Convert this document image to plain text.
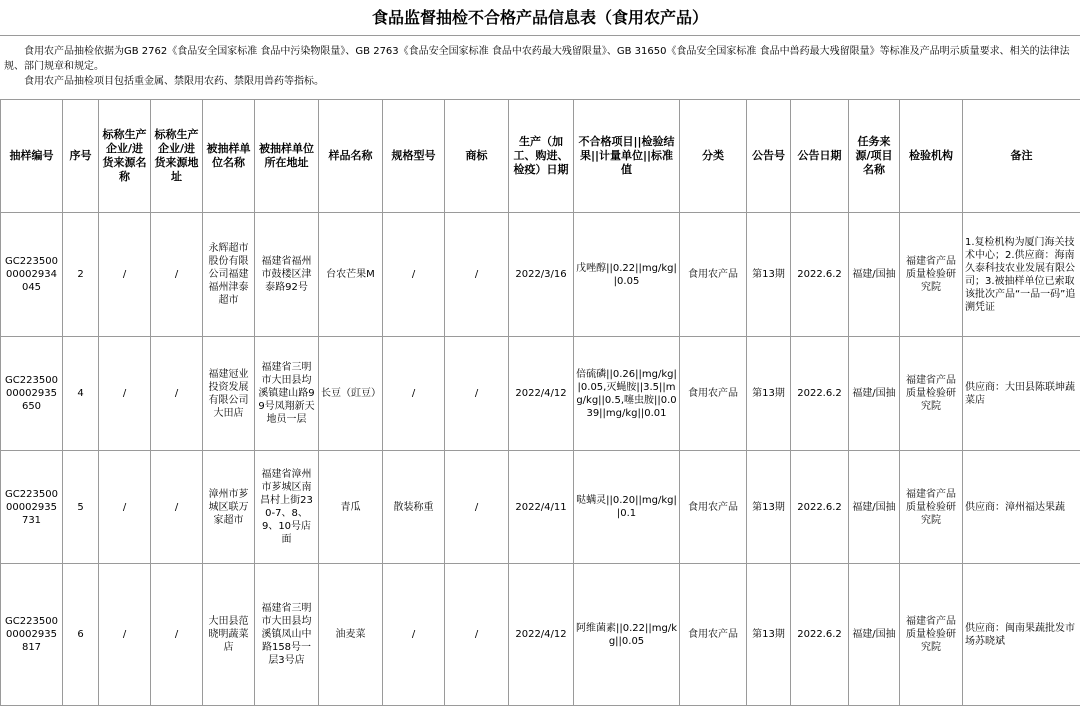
食品监督抽检不合格产品信息表（食用农产品）

食用农产品抽检依据为GB 2762《食品安全国家标准 食品中污染物限量》、GB 2763《食品安全国家标准 食品中农药最大残留限量》、GB 31650《食品安全国家标准 食品中兽药最大残留限量》等标准及产品明示质量要求、相关的法律法规、部门规章和规定。

食用农产品抽检项目包括重金属、禁限用农药、禁限用兽药等指标。

抽样编号	序号	标称生产企业/进货来源名称	标称生产企业/进货来源地址	被抽样单位名称	被抽样单位所在地址	样品名称	规格型号	商标	生产（加工、购进、检疫）日期	不合格项目||检验结果||计量单位||标准值	分类	公告号	公告日期	任务来源/项目名称	检验机构	备注
GC22350000002934045	2	/	/	永辉超市股份有限公司福建福州津泰超市	福建省福州市鼓楼区津泰路92号	台农芒果M	/	/	2022/3/16	戊唑醇||0.22||mg/kg||0.05	食用农产品	第13期	2022.6.2	福建/国抽	福建省产品质量检验研究院	1.复检机构为厦门海关技术中心；2.供应商：海南久泰科技农业发展有限公司；3.被抽样单位已索取该批次产品“一品一码”追溯凭证
GC22350000002935650	4	/	/	福建冠业投资发展有限公司大田店	福建省三明市大田县均溪镇建山路99号凤翔新天地员一层	长豆（豇豆）	/	/	2022/4/12	倍硫磷||0.26||mg/kg||0.05,灭蝇胺||3.5||mg/kg||0.5,噻虫胺||0.039||mg/kg||0.01	食用农产品	第13期	2022.6.2	福建/国抽	福建省产品质量检验研究院	供应商：大田县陈联坤蔬菜店
GC22350000002935731	5	/	/	漳州市芗城区联万家超市	福建省漳州市芗城区南昌村上街230-7、8、9、10号店面	青瓜	散装称重	/	2022/4/11	哒螨灵||0.20||mg/kg||0.1	食用农产品	第13期	2022.6.2	福建/国抽	福建省产品质量检验研究院	供应商：漳州福达果蔬
GC22350000002935817	6	/	/	大田县范晓明蔬菜店	福建省三明市大田县均溪镇凤山中路158号一层3号店	油麦菜	/	/	2022/4/12	阿维菌素||0.22||mg/kg||0.05	食用农产品	第13期	2022.6.2	福建/国抽	福建省产品质量检验研究院	供应商：闽南果蔬批发市场苏晓斌
